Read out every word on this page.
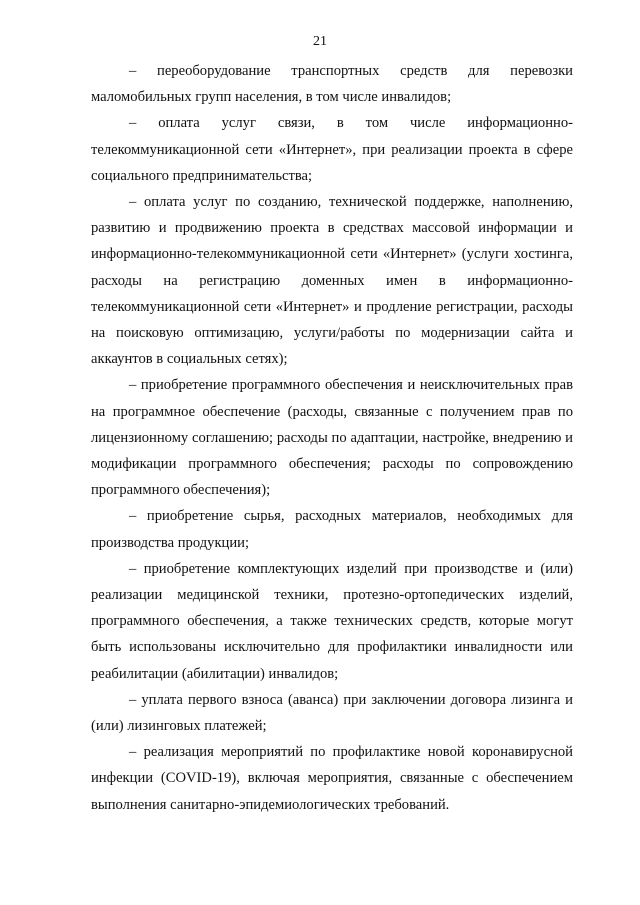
21

– переоборудование транспортных средств для перевозки маломобильных групп населения, в том числе инвалидов;

– оплата услуг связи, в том числе информационно-телекоммуникационной сети «Интернет», при реализации проекта в сфере социального предпринимательства;

– оплата услуг по созданию, технической поддержке, наполнению, развитию и продвижению проекта в средствах массовой информации и информационно-телекоммуникационной сети «Интернет» (услуги хостинга, расходы на регистрацию доменных имен в информационно-телекоммуникационной сети «Интернет» и продление регистрации, расходы на поисковую оптимизацию, услуги/работы по модернизации сайта и аккаунтов в социальных сетях);

– приобретение программного обеспечения и неисключительных прав на программное обеспечение (расходы, связанные с получением прав по лицензионному соглашению; расходы по адаптации, настройке, внедрению и модификации программного обеспечения; расходы по сопровождению программного обеспечения);

– приобретение сырья, расходных материалов, необходимых для производства продукции;

– приобретение комплектующих изделий при производстве и (или) реализации медицинской техники, протезно-ортопедических изделий, программного обеспечения, а также технических средств, которые могут быть использованы исключительно для профилактики инвалидности или реабилитации (абилитации) инвалидов;

– уплата первого взноса (аванса) при заключении договора лизинга и (или) лизинговых платежей;

– реализация мероприятий по профилактике новой коронавирусной инфекции (COVID-19), включая мероприятия, связанные с обеспечением выполнения санитарно-эпидемиологических требований.
